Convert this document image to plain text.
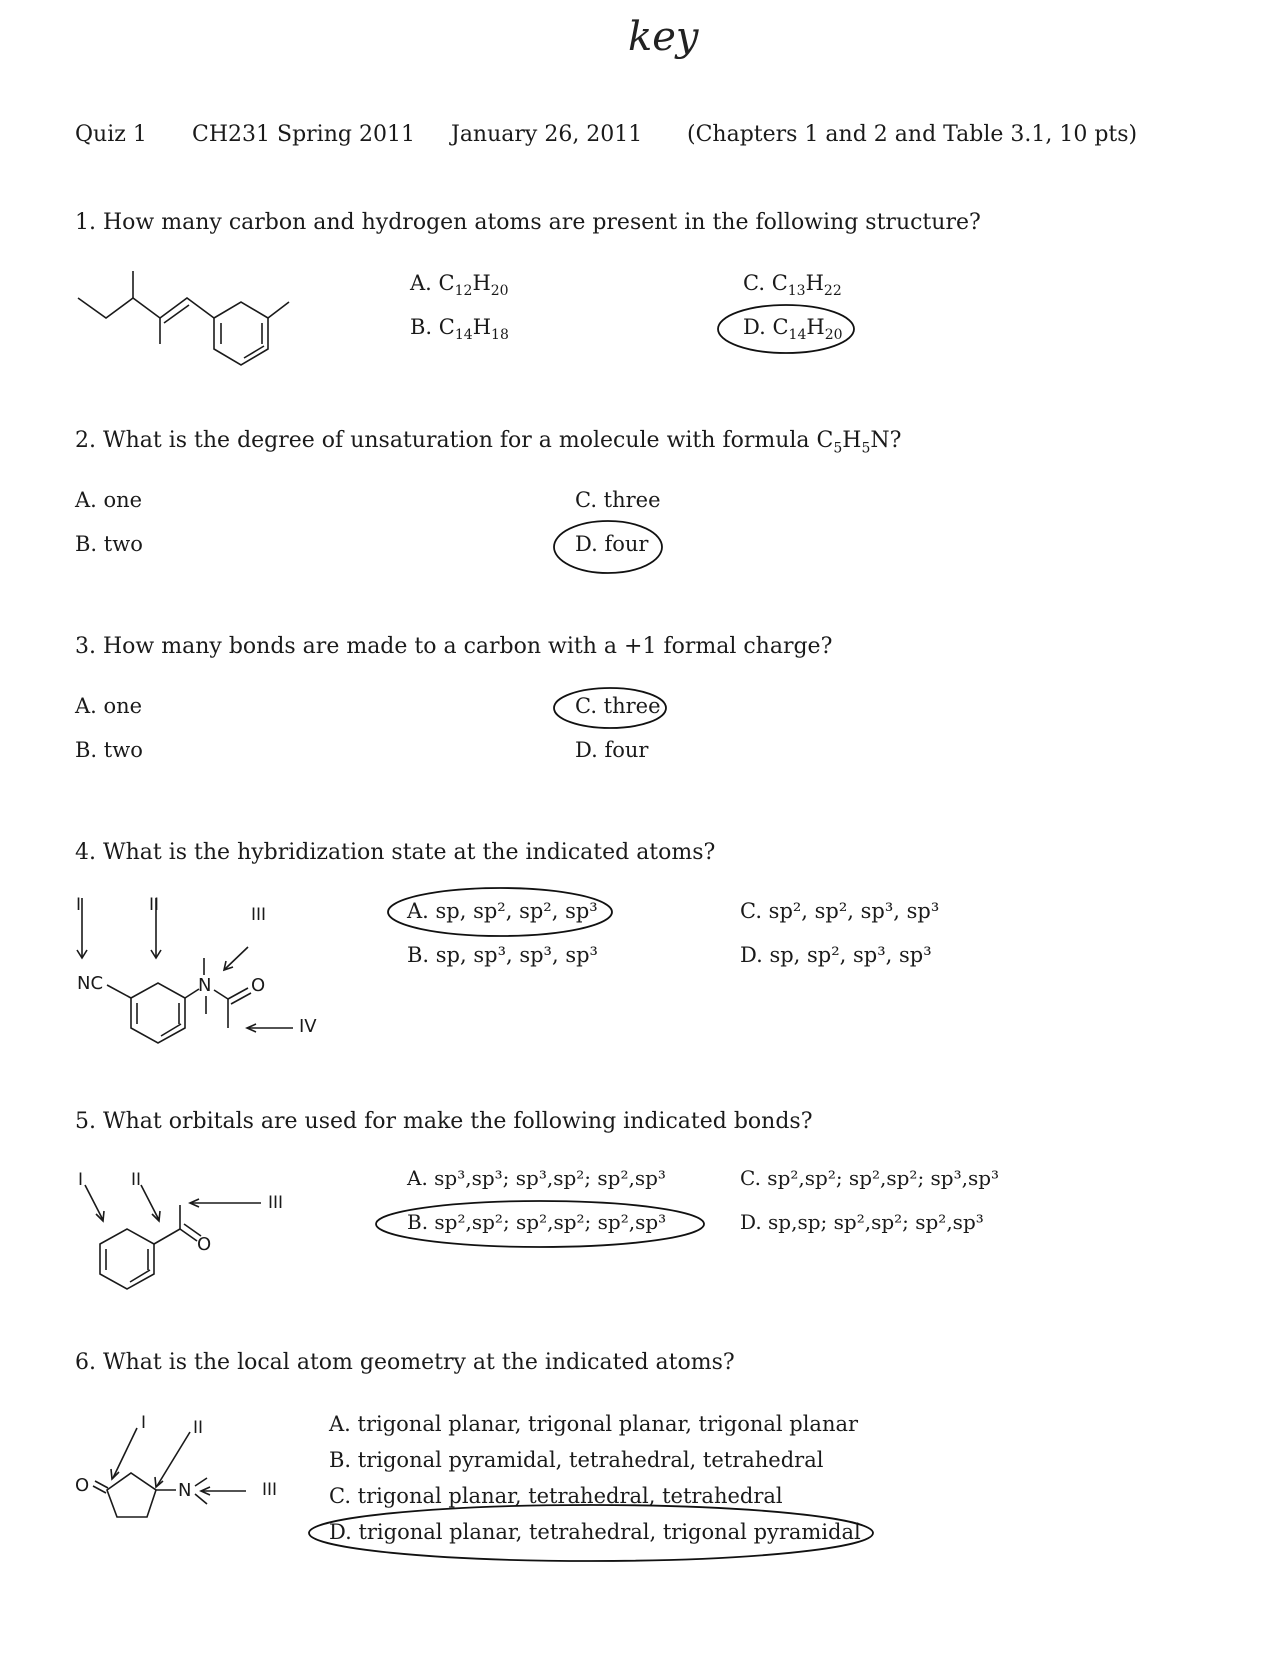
key
Quiz 1 CH231 Spring 2011 January 26, 2011 (Chapters 1 and 2 and Table 3.1, 10 pts)
1. How many carbon and hydrogen atoms are present in the following structure?
A. $C_{12}H_{20}$
B. $C_{14}H_{18}$
C. $C_{13}H_{22}$
D. $C_{14}H_{20}$
2. What is the degree of unsaturation for a molecule with formula $C_5H_5N$?
A. one
B. two
C. three
D. four
3. How many bonds are made to a carbon with a +1 formal charge?
A. one
B. two
C. three
D. four
4. What is the hybridization state at the indicated atoms?
I	II	III
IV
NC	N O
A. sp, sp², sp², sp³
B. sp, sp³, sp³, sp³
C. sp², sp², sp³, sp³
D. sp, sp², sp³, sp³
5. What orbitals are used for make the following indicated bonds?
I	II
III
O
A. sp³,sp³; sp³,sp²; sp²,sp³
B. sp²,sp²; sp²,sp²; sp²,sp³
C. sp²,sp²; sp²,sp²; sp³,sp³
D. sp,sp; sp²,sp²; sp²,sp³
6. What is the local atom geometry at the indicated atoms?
I	II
III
O	N
A. trigonal planar, trigonal planar, trigonal planar
B. trigonal pyramidal, tetrahedral, tetrahedral
C. trigonal planar, tetrahedral, tetrahedral
D. trigonal planar, tetrahedral, trigonal pyramidal
